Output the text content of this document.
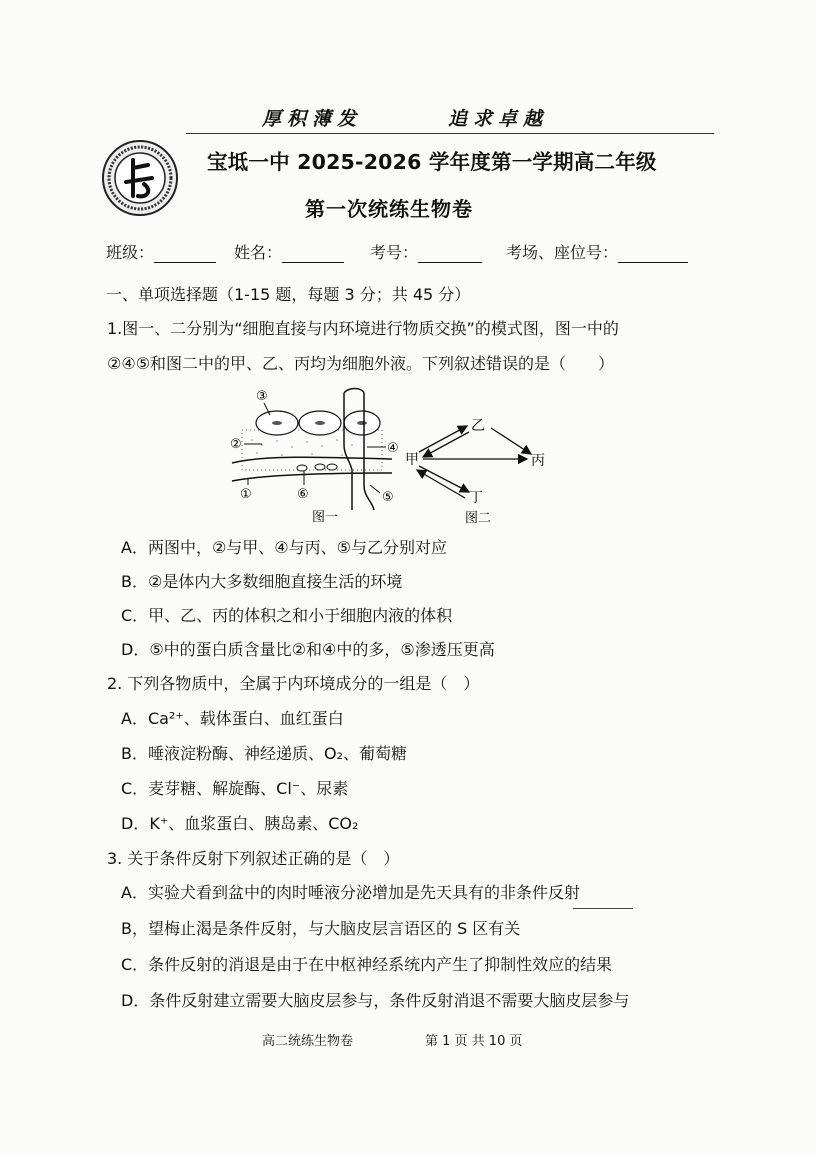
厚积薄发	追求卓越
宝坻一中 2025-2026 学年度第一学期高二年级
第一次统练生物卷
班级：	姓名：	考号：	考场、座位号：
一、单项选择题（1-15 题，每题 3 分；共 45 分）
1.图一、二分别为“细胞直接与内环境进行物质交换”的模式图，图一中的
②④⑤和图二中的甲、乙、丙均为细胞外液。下列叙述错误的是（　　）
③
②	④
①	⑥	⑤
图一
乙
甲	丙
丁
图二
A．两图中，②与甲、④与丙、⑤与乙分别对应
B．②是体内大多数细胞直接生活的环境
C．甲、乙、丙的体积之和小于细胞内液的体积
D．⑤中的蛋白质含量比②和④中的多，⑤渗透压更高
2. 下列各物质中，全属于内环境成分的一组是（　）
A．Ca²⁺、载体蛋白、血红蛋白
B．唾液淀粉酶、神经递质、O₂、葡萄糖
C．麦芽糖、解旋酶、Cl⁻、尿素
D．K⁺、血浆蛋白、胰岛素、CO₂
3. 关于条件反射下列叙述正确的是（　）
A．实验犬看到盆中的肉时唾液分泌增加是先天具有的非条件反射
B，望梅止渴是条件反射，与大脑皮层言语区的 S 区有关
C．条件反射的消退是由于在中枢神经系统内产生了抑制性效应的结果
D．条件反射建立需要大脑皮层参与，条件反射消退不需要大脑皮层参与
高二统练生物卷	第 1 页 共 10 页
